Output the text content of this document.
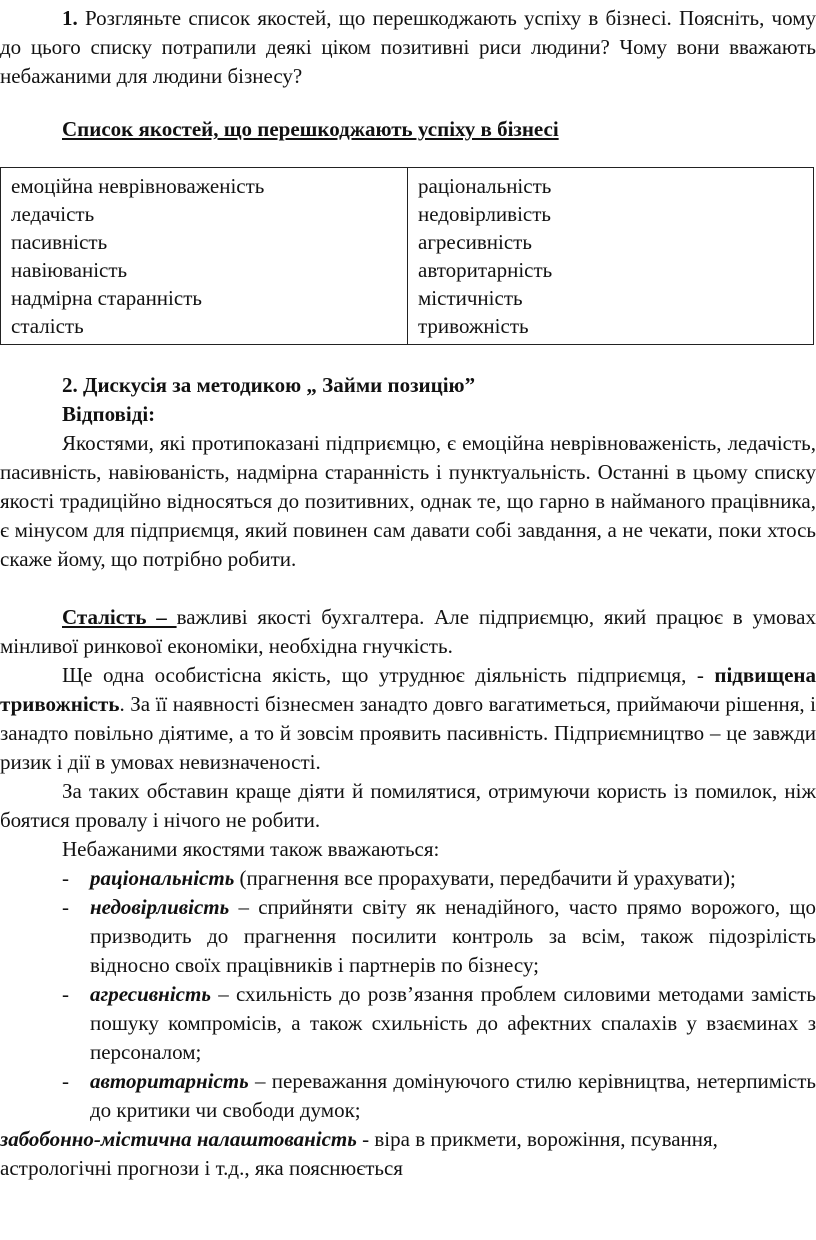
1. Розгляньте список якостей, що перешкоджають успіху в бізнесі. Поясніть, чому до цього списку потрапили деякі ціком позитивні риси людини? Чому вони вважають небажаними для людини бізнесу?

Список якостей, що перешкоджають успіху в бізнесі
емоційна неврівноваженість
ледачість
пасивність
навіюваність
надмірна старанність
сталість

раціональність
недовірливість
агресивність
авторитарність
містичність
тривожність
2. Дискусія за методикою „ Займи позицію”
Відповіді:

Якостями, які протипоказані підприємцю, є емоційна неврівноваженість, ледачість, пасивність, навіюваність, надмірна старанність і пунктуальність. Останні в цьому списку якості традиційно відносяться до позитивних, однак те, що гарно в найманого працівника, є мінусом для підприємця, який повинен сам давати собі завдання, а не чекати, поки хтось скаже йому, що потрібно робити.

Сталість – важливі якості бухгалтера. Але підприємцю, який працює в умовах мінливої ринкової економіки, необхідна гнучкість.

Ще одна особистісна якість, що утруднює діяльність підприємця, - підвищена тривожність. За її наявності бізнесмен занадто довго вагатиметься, приймаючи рішення, і занадто повільно діятиме, а то й зовсім проявить пасивність. Підприємництво – це завжди ризик і дії в умовах невизначеності.

За таких обставин краще діяти й помилятися, отримуючи користь із помилок, ніж боятися провалу і нічого не робити.

Небажаними якостями також вважаються:

-	раціональність (прагнення все прорахувати, передбачити й урахувати);
-	недовірливість – сприйняти світу як ненадійного, часто прямо ворожого, що призводить до прагнення посилити контроль за всім, також підозрілість відносно своїх працівників і партнерів по бізнесу;
-	агресивність – схильність до розв’язання проблем силовими методами замість пошуку компромісів, а також схильність до афектних спалахів у взаєминах з персоналом;
-	авторитарність – переважання домінуючого стилю керівництва, нетерпимість до критики чи свободи думок;

забобонно-містична налаштованість - віра в прикмети, ворожіння, псування, астрологічні прогнози і т.д., яка пояснюється
